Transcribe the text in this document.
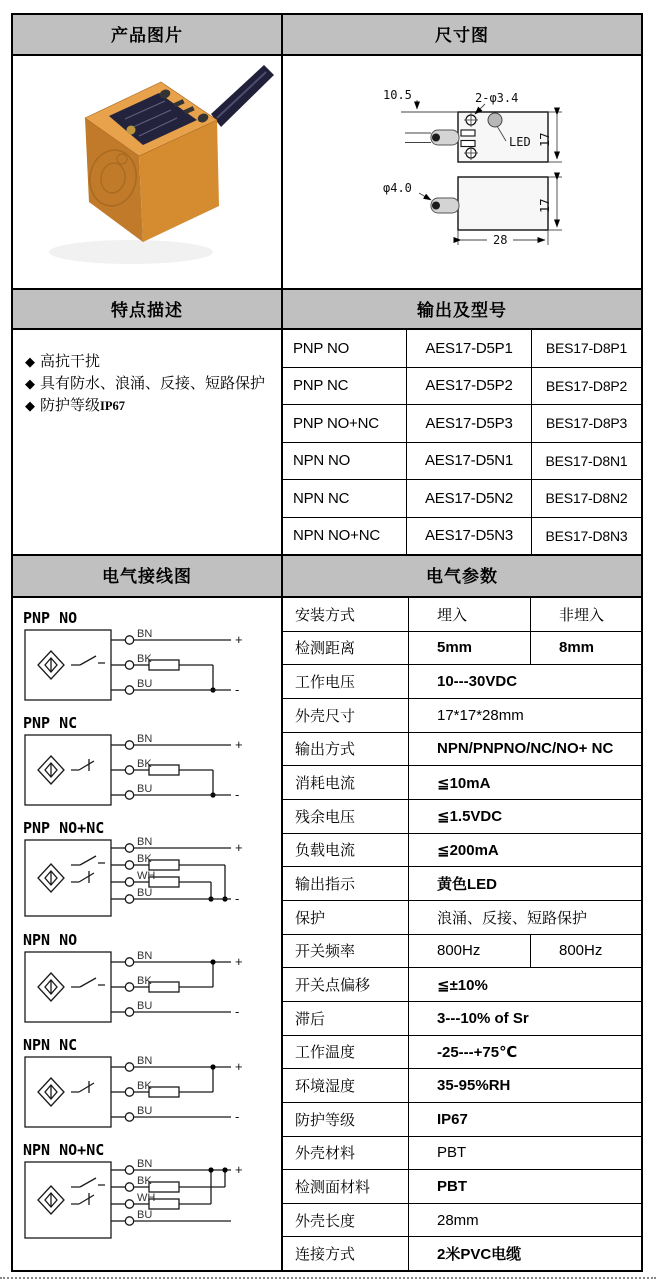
产品图片	尺寸图
LED
10.5	2-φ3.4
17
φ4.0
17
28
特点描述	输出及型号
◆ 高抗干扰
◆ 具有防水、浪涌、反接、短路保护
◆ 防护等级IP67
PNP NO	AES17-D5P1	BES17-D8P1
PNP NC	AES17-D5P2	BES17-D8P2
PNP NO+NC	AES17-D5P3	BES17-D8P3
NPN NO	AES17-D5N1	BES17-D8N1
NPN NC	AES17-D5N2	BES17-D8N2
NPN NO+NC	AES17-D5N3	BES17-D8N3
电气接线图	电气参数
PNP NO
BN	+
BK
BU	-
PNP NC
BN	+
BK
BU	-
PNP NO+NC
BN	+
BK
WH
BU	-
NPN NO
BN	+
BK
BU	-
NPN NC
BN	+
BK
BU	-
NPN NO+NC
BN	+
BK
WH
BU
安装方式	埋入	非埋入
检测距离	5mm	8mm
工作电压	10---30VDC
外壳尺寸	17*17*28mm
输出方式	NPN/PNPNO/NC/NO+ NC
消耗电流	≦10mA
残余电压	≦1.5VDC
负载电流	≦200mA
输出指示	黄色LED
保护	浪涌、反接、短路保护
开关频率	800Hz	800Hz
开关点偏移	≦±10%
滞后	3---10% of Sr
工作温度	-25---+75℃
环境湿度	35-95%RH
防护等级	IP67
外壳材料	PBT
检测面材料	PBT
外壳长度	28mm
连接方式	2米PVC电缆
